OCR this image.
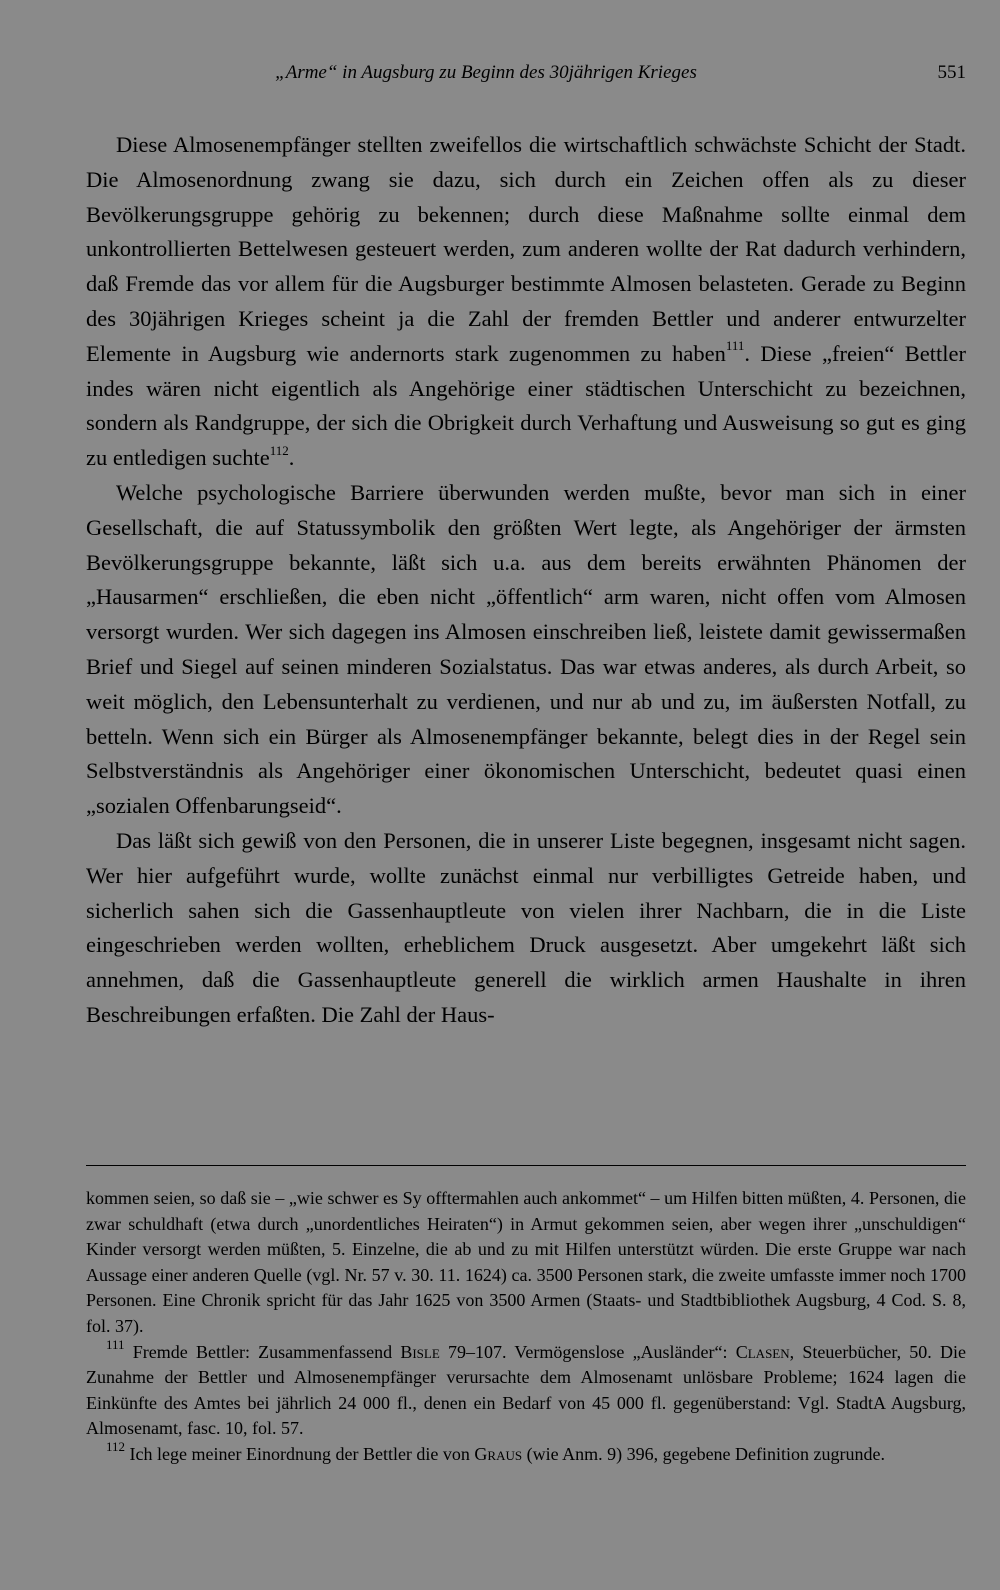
„Arme“ in Augsburg zu Beginn des 30jährigen Krieges	551

Diese Almosenempfänger stellten zweifellos die wirtschaftlich schwächste Schicht der Stadt. Die Almosenordnung zwang sie dazu, sich durch ein Zeichen offen als zu dieser Bevölkerungsgruppe gehörig zu bekennen; durch diese Maßnahme sollte einmal dem unkontrollierten Bettelwesen gesteuert werden, zum anderen wollte der Rat dadurch verhindern, daß Fremde das vor allem für die Augsburger bestimmte Almosen belasteten. Gerade zu Beginn des 30jährigen Krieges scheint ja die Zahl der fremden Bettler und anderer entwurzelter Elemente in Augsburg wie andernorts stark zugenommen zu haben$^{111}$. Diese „freien“ Bettler indes wären nicht eigentlich als Angehörige einer städtischen Unterschicht zu bezeichnen, sondern als Randgruppe, der sich die Obrigkeit durch Verhaftung und Ausweisung so gut es ging zu entledigen suchte$^{112}$.

Welche psychologische Barriere überwunden werden mußte, bevor man sich in einer Gesellschaft, die auf Statussymbolik den größten Wert legte, als Angehöriger der ärmsten Bevölkerungsgruppe bekannte, läßt sich u.a. aus dem bereits erwähnten Phänomen der „Hausarmen“ erschließen, die eben nicht „öffentlich“ arm waren, nicht offen vom Almosen versorgt wurden. Wer sich dagegen ins Almosen einschreiben ließ, leistete damit gewissermaßen Brief und Siegel auf seinen minderen Sozialstatus. Das war etwas anderes, als durch Arbeit, so weit möglich, den Lebensunterhalt zu verdienen, und nur ab und zu, im äußersten Notfall, zu betteln. Wenn sich ein Bürger als Almosenempfänger bekannte, belegt dies in der Regel sein Selbstverständnis als Angehöriger einer ökonomischen Unterschicht, bedeutet quasi einen „sozialen Offenbarungseid“.

Das läßt sich gewiß von den Personen, die in unserer Liste begegnen, insgesamt nicht sagen. Wer hier aufgeführt wurde, wollte zunächst einmal nur verbilligtes Getreide haben, und sicherlich sahen sich die Gassenhauptleute von vielen ihrer Nachbarn, die in die Liste eingeschrieben werden wollten, erheblichem Druck ausgesetzt. Aber umgekehrt läßt sich annehmen, daß die Gassenhauptleute generell die wirklich armen Haushalte in ihren Beschreibungen erfaßten. Die Zahl der Haus-

kommen seien, so daß sie – „wie schwer es Sy offtermahlen auch ankommet“ – um Hilfen bitten müßten, 4. Personen, die zwar schuldhaft (etwa durch „unordentliches Heiraten“) in Armut gekommen seien, aber wegen ihrer „unschuldigen“ Kinder versorgt werden müßten, 5. Einzelne, die ab und zu mit Hilfen unterstützt würden. Die erste Gruppe war nach Aussage einer anderen Quelle (vgl. Nr. 57 v. 30. 11. 1624) ca. 3500 Personen stark, die zweite umfasste immer noch 1700 Personen. Eine Chronik spricht für das Jahr 1625 von 3500 Armen (Staats- und Stadtbibliothek Augsburg, 4 Cod. S. 8, fol. 37).

$^{111}$ Fremde Bettler: Zusammenfassend Bisle 79–107. Vermögenslose „Ausländer“: Clasen, Steuerbücher, 50. Die Zunahme der Bettler und Almosenempfänger verursachte dem Almosenamt unlösbare Probleme; 1624 lagen die Einkünfte des Amtes bei jährlich 24 000 fl., denen ein Bedarf von 45 000 fl. gegenüberstand: Vgl. StadtA Augsburg, Almosenamt, fasc. 10, fol. 57.

$^{112}$ Ich lege meiner Einordnung der Bettler die von Graus (wie Anm. 9) 396, gegebene Definition zugrunde.
